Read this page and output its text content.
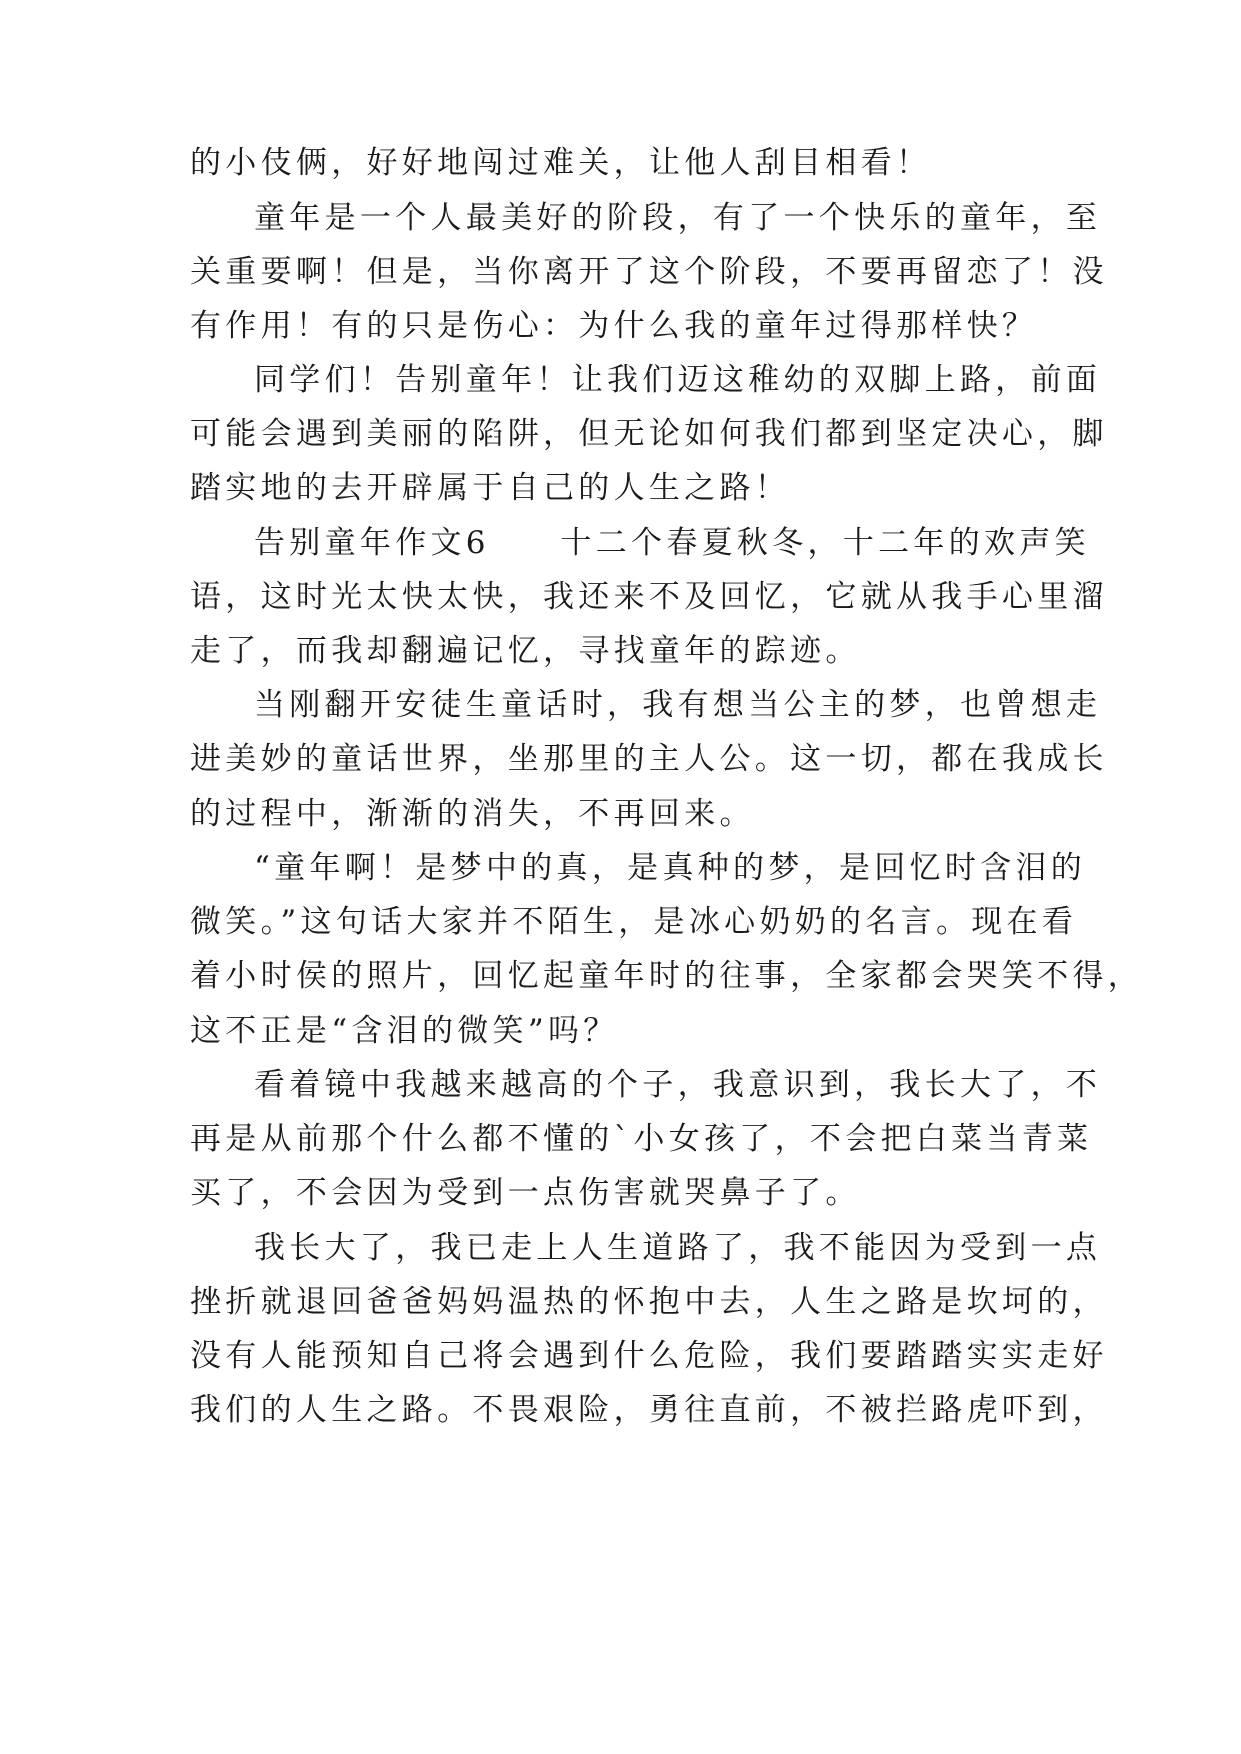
的小伎俩，好好地闯过难关，让他人刮目相看！
童年是一个人最美好的阶段，有了一个快乐的童年，至
关重要啊！但是，当你离开了这个阶段，不要再留恋了！没
有作用！有的只是伤心：为什么我的童年过得那样快？
同学们！告别童年！让我们迈这稚幼的双脚上路，前面
可能会遇到美丽的陷阱，但无论如何我们都到坚定决心，脚
踏实地的去开辟属于自己的人生之路！
告别童年作文6　　十二个春夏秋冬，十二年的欢声笑
语，这时光太快太快，我还来不及回忆，它就从我手心里溜
走了，而我却翻遍记忆，寻找童年的踪迹。
当刚翻开安徒生童话时，我有想当公主的梦，也曾想走
进美妙的童话世界，坐那里的主人公。这一切，都在我成长
的过程中，渐渐的消失，不再回来。
“童年啊！是梦中的真，是真种的梦，是回忆时含泪的
微笑。”这句话大家并不陌生，是冰心奶奶的名言。现在看
着小时侯的照片，回忆起童年时的往事，全家都会哭笑不得，
这不正是“含泪的微笑”吗？
看着镜中我越来越高的个子，我意识到，我长大了，不
再是从前那个什么都不懂的`小女孩了，不会把白菜当青菜
买了，不会因为受到一点伤害就哭鼻子了。
我长大了，我已走上人生道路了，我不能因为受到一点
挫折就退回爸爸妈妈温热的怀抱中去，人生之路是坎坷的，
没有人能预知自己将会遇到什么危险，我们要踏踏实实走好
我们的人生之路。不畏艰险，勇往直前，不被拦路虎吓到，
